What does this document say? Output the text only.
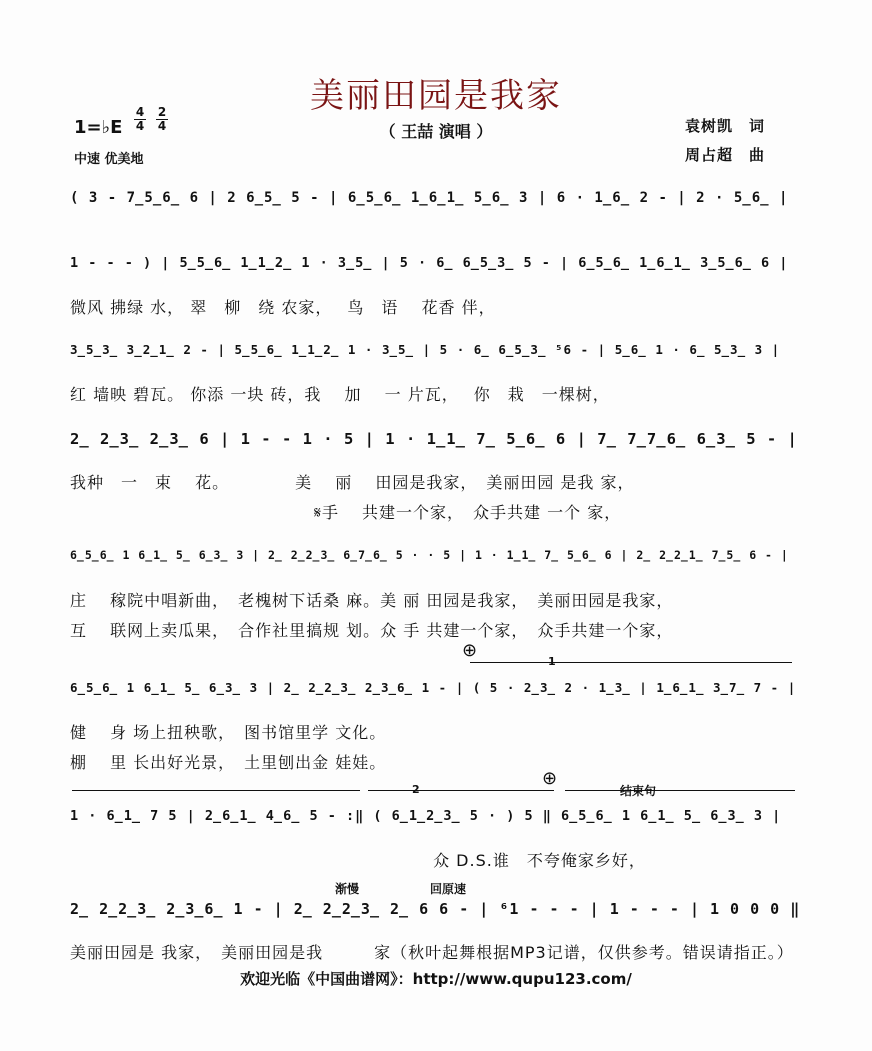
美丽田园是我家
（ 王喆 演唱 ）
1=♭E
4
4
2
4
中速 优美地
袁树凯　词
周占超　曲
( 3 - 7̲5̲6̲ 6 | 2 6̲5̲ 5 - | 6̲5̲6̲ 1̲6̲1̲ 5̲6̲ 3 | 6 · 1̲6̲ 2 - | 2 · 5̲6̲ |
1 - - - ) | 5̲5̲6̲ 1̲1̲2̲ 1 · 3̲5̲ | 5 · 6̲ 6̲5̲3̲ 5 - | 6̲5̲6̲ 1̲6̲1̲ 3̲5̲6̲ 6 |
微风 拂绿 水， 翠　柳　绕 农家，　 鸟　语　 花香 伴，
3̲5̲3̲ 3̲2̲1̲ 2 - | 5̲5̲6̲ 1̲1̲2̲ 1 · 3̲5̲ | 5 · 6̲ 6̲5̲3̲ ⁵6 - | 5̲6̲ 1 · 6̲ 5̲3̲ 3 |
红 墙映 碧瓦。 你添 一块 砖，我　 加　 一 片瓦，　 你　栽　一棵树，
2̲ 2̲3̲ 2̲3̲ 6 | 1 - - 1 · 5 | 1 · 1̲1̲ 7̲ 5̲6̲ 6 | 7̲ 7̲7̲6̲ 6̲3̲ 5 - |
我种　一　束　 花。　　　　 美　 丽　 田园是我家，　美丽田园 是我 家，
　　　　　　　　　　　　　　 𝄋手　 共建一个家，　众手共建 一个 家，
6̲5̲6̲ 1 6̲1̲ 5̲ 6̲3̲ 3 | 2̲ 2̲2̲3̲ 6̲7̲6̲ 5 · · 5 | 1 · 1̲1̲ 7̲ 5̲6̲ 6 | 2̲ 2̲2̲1̲ 7̲5̲ 6 - |
庄　 稼院中唱新曲，　老槐树下话桑 麻。美 丽 田园是我家，　美丽田园是我家，
互　 联网上卖瓜果，　合作社里搞规 划。众 手 共建一个家，　众手共建一个家，
6̲5̲6̲ 1 6̲1̲ 5̲ 6̲3̲ 3 | 2̲ 2̲2̲3̲ 2̲3̲6̲ 1 - | ( 5 · 2̲3̲ 2 · 1̲3̲ | 1̲6̲1̲ 3̲7̲ 7 - |
健　 身 场上扭秧歌，　图书馆里学 文化。
棚　 里 长出好光景，　土里刨出金 娃娃。
1 · 6̲1̲ 7 5 | 2̲6̲1̲ 4̲6̲ 5 - :‖ ( 6̲1̲2̲3̲ 5 · ) 5 ‖ 6̲5̲6̲ 1 6̲1̲ 5̲ 6̲3̲ 3 |
　　　　　　　　　　　　　　　　　　　　　 众 D.S.谁　不夸俺家乡好，
2̲ 2̲2̲3̲ 2̲3̲6̲ 1 - | 2̲ 2̲2̲3̲ 2̲ 6 6 - | ⁶1 - - - | 1 - - - | 1 0 0 0 ‖
美丽田园是 我家，　美丽田园是我　　　家（秋叶起舞根据MP3记谱，仅供参考。错误请指正。）
⊕
1
2
⊕
结束句
渐慢	回原速
欢迎光临《中国曲谱网》：http://www.qupu123.com/
